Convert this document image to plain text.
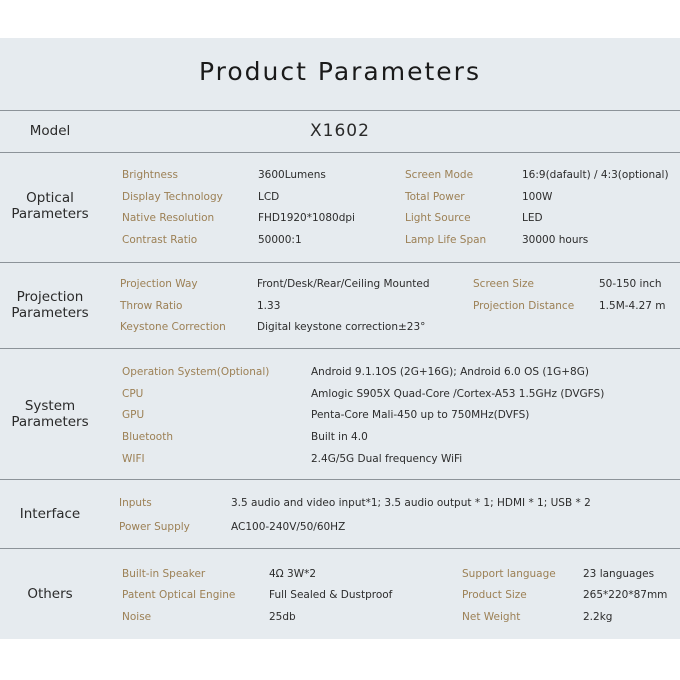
Product Parameters
Model	X1602
Optical
Parameters
Brightness	3600Lumens	Screen Mode	16:9(dafault) / 4:3(optional)
Display Technology	LCD	Total Power	100W
Native Resolution	FHD1920*1080dpi	Light Source	LED
Contrast Ratio	50000:1	Lamp Life Span	30000 hours
Projection
Parameters
Projection Way	Front/Desk/Rear/Ceiling Mounted	Screen Size	50-150 inch
Throw Ratio	1.33	Projection Distance 1.5M-4.27 m
Keystone Correction	Digital keystone correction±23°
System
Parameters
Operation System(Optional)	Android 9.1.1OS (2G+16G); Android 6.0 OS (1G+8G)
CPU	Amlogic S905X Quad-Core /Cortex-A53 1.5GHz (DVGFS)
GPU	Penta-Core Mali-450 up to 750MHz(DVFS)
Bluetooth	Built in 4.0
WIFI	2.4G/5G Dual frequency WiFi
Interface
Inputs	3.5 audio and video input*1; 3.5 audio output * 1; HDMI * 1; USB * 2
Power Supply	AC100-240V/50/60HZ
Others
Built-in Speaker	4Ω 3W*2	Support language	23 languages
Patent Optical Engine	Full Sealed & Dustproof	Product Size	265*220*87mm
Noise	25db	Net Weight	2.2kg
